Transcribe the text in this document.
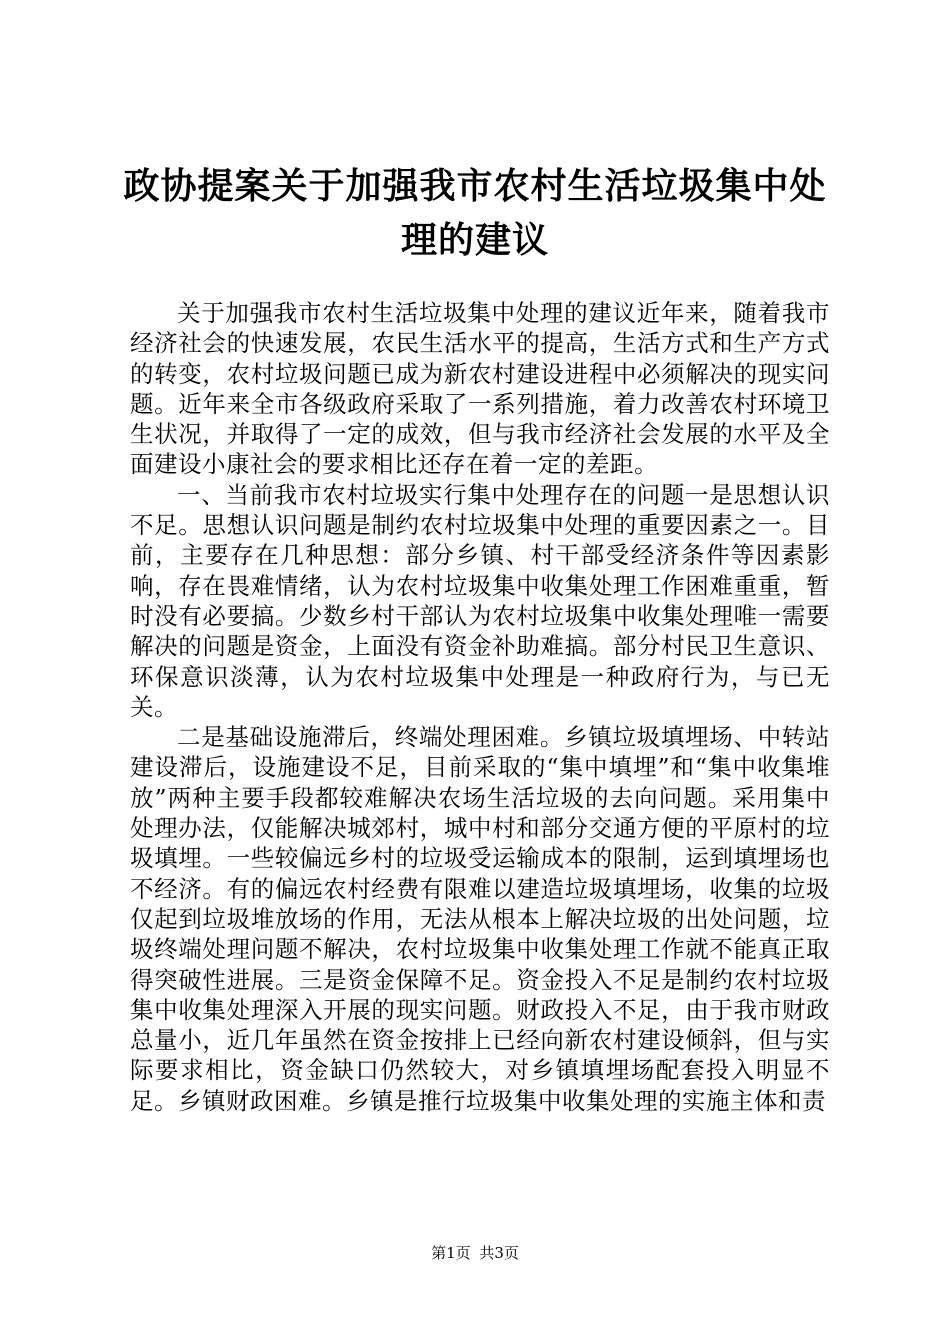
政协提案关于加强我市农村生活垃圾集中处理的建议

关于加强我市农村生活垃圾集中处理的建议近年来，随着我市经济社会的快速发展，农民生活水平的提高，生活方式和生产方式的转变，农村垃圾问题已成为新农村建设进程中必须解决的现实问题。近年来全市各级政府采取了一系列措施，着力改善农村环境卫生状况，并取得了一定的成效，但与我市经济社会发展的水平及全面建设小康社会的要求相比还存在着一定的差距。

一、当前我市农村垃圾实行集中处理存在的问题一是思想认识不足。思想认识问题是制约农村垃圾集中处理的重要因素之一。目前，主要存在几种思想：部分乡镇、村干部受经济条件等因素影响，存在畏难情绪，认为农村垃圾集中收集处理工作困难重重，暂时没有必要搞。少数乡村干部认为农村垃圾集中收集处理唯一需要解决的问题是资金，上面没有资金补助难搞。部分村民卫生意识、环保意识淡薄，认为农村垃圾集中处理是一种政府行为，与已无关。

二是基础设施滞后，终端处理困难。乡镇垃圾填埋场、中转站建设滞后，设施建设不足，目前采取的“集中填埋”和“集中收集堆放”两种主要手段都较难解决农场生活垃圾的去向问题。采用集中处理办法，仅能解决城郊村，城中村和部分交通方便的平原村的垃圾填埋。一些较偏远乡村的垃圾受运输成本的限制，运到填埋场也不经济。有的偏远农村经费有限难以建造垃圾填埋场，收集的垃圾仅起到垃圾堆放场的作用，无法从根本上解决垃圾的出处问题，垃圾终端处理问题不解决，农村垃圾集中收集处理工作就不能真正取得突破性进展。三是资金保障不足。资金投入不足是制约农村垃圾集中收集处理深入开展的现实问题。财政投入不足，由于我市财政总量小，近几年虽然在资金按排上已经向新农村建设倾斜，但与实际要求相比，资金缺口仍然较大，对乡镇填埋场配套投入明显不足。乡镇财政困难。乡镇是推行垃圾集中收集处理的实施主体和责

第1页 共3页
